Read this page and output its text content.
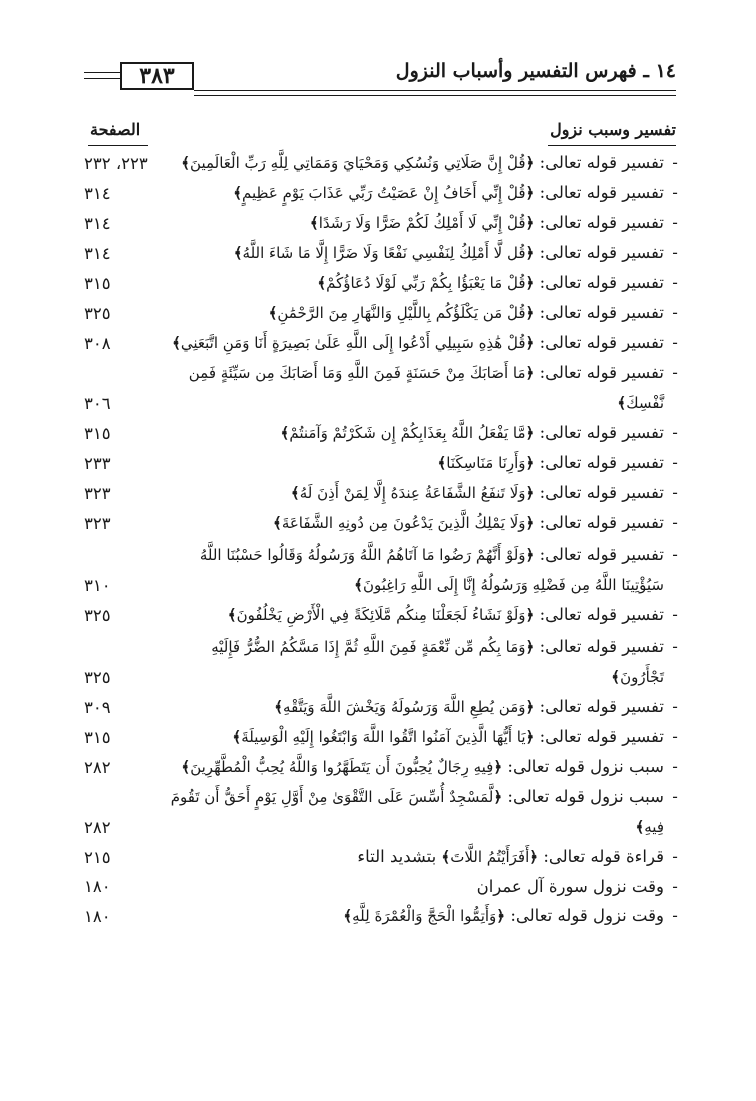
٣٨٣	١٤ ـ فهرس التفسير وأسباب النزول
تفسير وسبب نزول
الصفحة
-
تفسير قوله تعالى: ﴿قُلْ إِنَّ صَلَاتِي وَنُسُكِي وَمَحْيَايَ وَمَمَاتِي لِلَّهِ رَبِّ الْعَالَمِينَ﴾
٢٢٣، ٢٣٢
-
تفسير قوله تعالى: ﴿قُلْ إِنِّي أَخَافُ إِنْ عَصَيْتُ رَبِّي عَذَابَ يَوْمٍ عَظِيمٍ﴾
٣١٤
-
تفسير قوله تعالى: ﴿قُلْ إِنِّي لَا أَمْلِكُ لَكُمْ ضَرًّا وَلَا رَشَدًا﴾
٣١٤
-
تفسير قوله تعالى: ﴿قُل لَّا أَمْلِكُ لِنَفْسِي نَفْعًا وَلَا ضَرًّا إِلَّا مَا شَاءَ اللَّهُ﴾
٣١٤
-
تفسير قوله تعالى: ﴿قُلْ مَا يَعْبَؤُا بِكُمْ رَبِّي لَوْلَا دُعَاؤُكُمْ﴾
٣١٥
-
تفسير قوله تعالى: ﴿قُلْ مَن يَكْلَؤُكُم بِاللَّيْلِ وَالنَّهَارِ مِنَ الرَّحْمَٰنِ﴾
٣٢٥
-
تفسير قوله تعالى: ﴿قُلْ هَٰذِهِ سَبِيلِي أَدْعُوا إِلَى اللَّهِ عَلَىٰ بَصِيرَةٍ أَنَا وَمَنِ اتَّبَعَنِي﴾
٣٠٨
-
تفسير قوله تعالى: ﴿مَا أَصَابَكَ مِنْ حَسَنَةٍ فَمِنَ اللَّهِ وَمَا أَصَابَكَ مِن سَيِّئَةٍ فَمِن نَّفْسِكَ﴾
٣٠٦
-
تفسير قوله تعالى: ﴿مَّا يَفْعَلُ اللَّهُ بِعَذَابِكُمْ إِن شَكَرْتُمْ وَآمَنتُمْ﴾
٣١٥
-
تفسير قوله تعالى: ﴿وَأَرِنَا مَنَاسِكَنَا﴾
٢٣٣
-
تفسير قوله تعالى: ﴿وَلَا تَنفَعُ الشَّفَاعَةُ عِندَهُ إِلَّا لِمَنْ أَذِنَ لَهُ﴾
٣٢٣
-
تفسير قوله تعالى: ﴿وَلَا يَمْلِكُ الَّذِينَ يَدْعُونَ مِن دُونِهِ الشَّفَاعَةَ﴾
٣٢٣
-
تفسير قوله تعالى: ﴿وَلَوْ أَنَّهُمْ رَضُوا مَا آتَاهُمُ اللَّهُ وَرَسُولُهُ وَقَالُوا حَسْبُنَا اللَّهُ سَيُؤْتِينَا اللَّهُ مِن فَضْلِهِ وَرَسُولُهُ إِنَّا إِلَى اللَّهِ رَاغِبُونَ﴾
٣١٠
-
تفسير قوله تعالى: ﴿وَلَوْ نَشَاءُ لَجَعَلْنَا مِنكُم مَّلَائِكَةً فِي الْأَرْضِ يَخْلُفُونَ﴾
٣٢٥
-
تفسير قوله تعالى: ﴿وَمَا بِكُم مِّن نِّعْمَةٍ فَمِنَ اللَّهِ ثُمَّ إِذَا مَسَّكُمُ الضُّرُّ فَإِلَيْهِ تَجْأَرُونَ﴾
٣٢٥
-
تفسير قوله تعالى: ﴿وَمَن يُطِعِ اللَّهَ وَرَسُولَهُ وَيَخْشَ اللَّهَ وَيَتَّقْهِ﴾
٣٠٩
-
تفسير قوله تعالى: ﴿يَا أَيُّهَا الَّذِينَ آمَنُوا اتَّقُوا اللَّهَ وَابْتَغُوا إِلَيْهِ الْوَسِيلَةَ﴾
٣١٥
-
سبب نزول قوله تعالى: ﴿فِيهِ رِجَالٌ يُحِبُّونَ أَن يَتَطَهَّرُوا وَاللَّهُ يُحِبُّ الْمُطَّهِّرِينَ﴾
٢٨٢
-
سبب نزول قوله تعالى: ﴿لَّمَسْجِدٌ أُسِّسَ عَلَى التَّقْوَىٰ مِنْ أَوَّلِ يَوْمٍ أَحَقُّ أَن تَقُومَ فِيهِ﴾
٢٨٢
-
قراءة قوله تعالى: ﴿أَفَرَأَيْتُمُ اللَّاتَ﴾ بتشديد التاء
٢١٥
-
وقت نزول سورة آل عمران
١٨٠
-
وقت نزول قوله تعالى: ﴿وَأَتِمُّوا الْحَجَّ وَالْعُمْرَةَ لِلَّهِ﴾
١٨٠
